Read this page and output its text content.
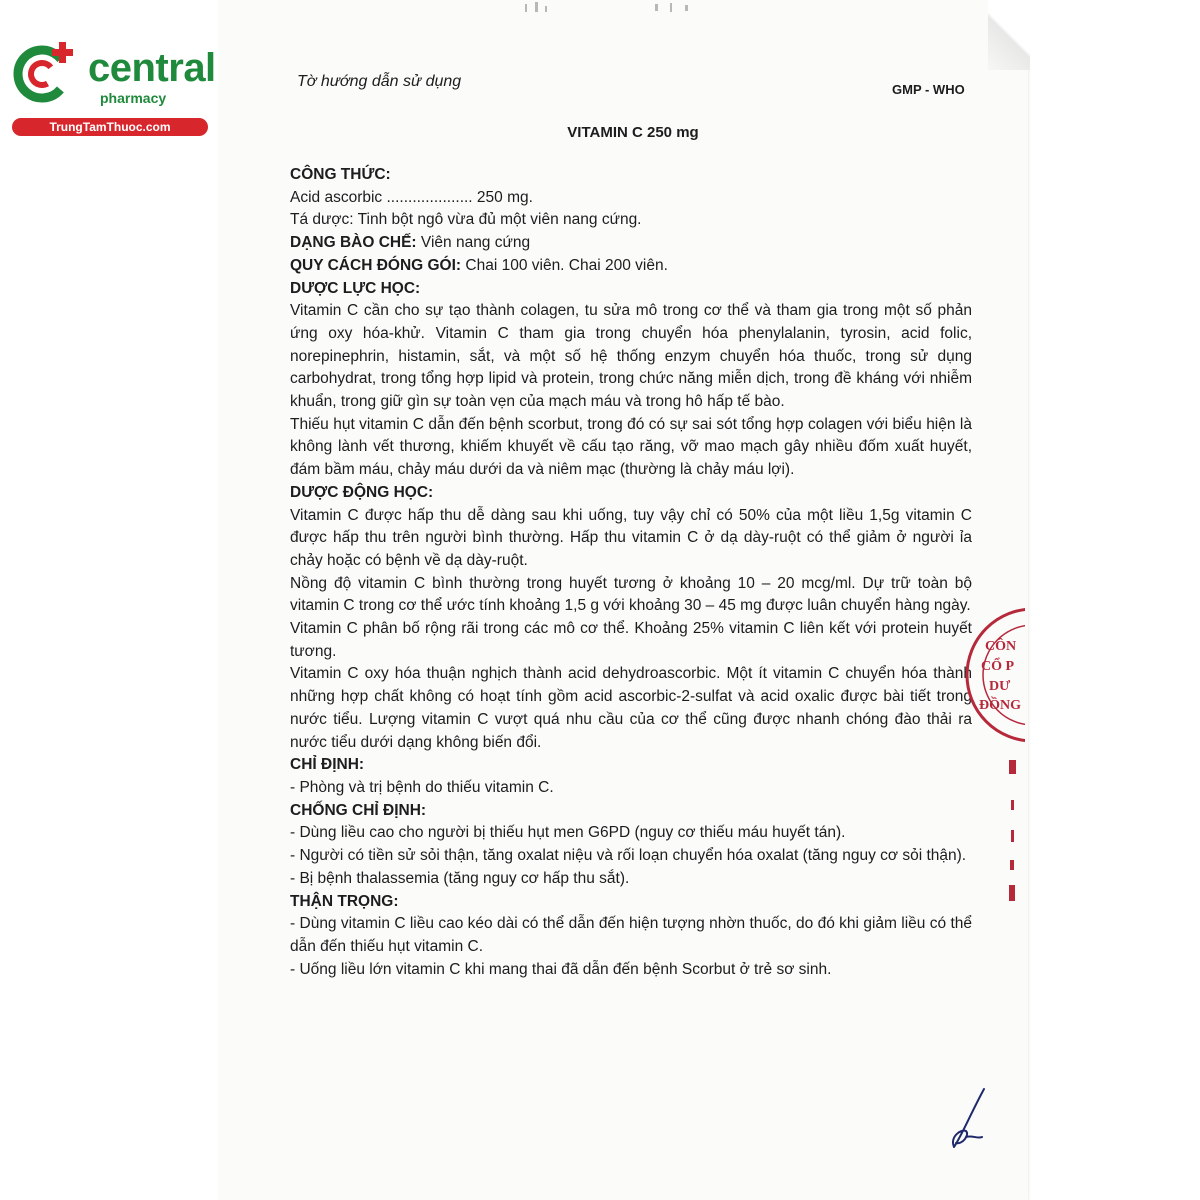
central
pharmacy
TrungTamThuoc.com
Tờ hướng dẫn sử dụng	GMP - WHO
VITAMIN C 250 mg

CÔNG THỨC:

Acid ascorbic .................... 250 mg.

Tá dược: Tinh bột ngô vừa đủ một viên nang cứng.

DẠNG BÀO CHẾ: Viên nang cứng

QUY CÁCH ĐÓNG GÓI: Chai 100 viên. Chai 200 viên.

DƯỢC LỰC HỌC:

Vitamin C cần cho sự tạo thành colagen, tu sửa mô trong cơ thể và tham gia trong một số phản ứng oxy hóa-khử. Vitamin C tham gia trong chuyển hóa phenylalanin, tyrosin, acid folic, norepinephrin, histamin, sắt, và một số hệ thống enzym chuyển hóa thuốc, trong sử dụng carbohydrat, trong tổng hợp lipid và protein, trong chức năng miễn dịch, trong đề kháng với nhiễm khuẩn, trong giữ gìn sự toàn vẹn của mạch máu và trong hô hấp tế bào.

Thiếu hụt vitamin C dẫn đến bệnh scorbut, trong đó có sự sai sót tổng hợp colagen với biểu hiện là không lành vết thương, khiếm khuyết về cấu tạo răng, vỡ mao mạch gây nhiều đốm xuất huyết, đám bầm máu, chảy máu dưới da và niêm mạc (thường là chảy máu lợi).

DƯỢC ĐỘNG HỌC:

Vitamin C được hấp thu dễ dàng sau khi uống, tuy vậy chỉ có 50% của một liều 1,5g vitamin C được hấp thu trên người bình thường. Hấp thu vitamin C ở dạ dày-ruột có thể giảm ở người ỉa chảy hoặc có bệnh về dạ dày-ruột.

Nồng độ vitamin C bình thường trong huyết tương ở khoảng 10 – 20 mcg/ml. Dự trữ toàn bộ vitamin C trong cơ thể ước tính khoảng 1,5 g với khoảng 30 – 45 mg được luân chuyển hàng ngày.

Vitamin C phân bố rộng rãi trong các mô cơ thể. Khoảng 25% vitamin C liên kết với protein huyết tương.

Vitamin C oxy hóa thuận nghịch thành acid dehydroascorbic. Một ít vitamin C chuyển hóa thành những hợp chất không có hoạt tính gồm acid ascorbic-2-sulfat và acid oxalic được bài tiết trong nước tiểu. Lượng vitamin C vượt quá nhu cầu của cơ thể cũng được nhanh chóng đào thải ra nước tiểu dưới dạng không biến đổi.

CHỈ ĐỊNH:

- Phòng và trị bệnh do thiếu vitamin C.

CHỐNG CHỈ ĐỊNH:

- Dùng liều cao cho người bị thiếu hụt men G6PD (nguy cơ thiếu máu huyết tán).

- Người có tiền sử sỏi thận, tăng oxalat niệu và rối loạn chuyển hóa oxalat (tăng nguy cơ sỏi thận).

- Bị bệnh thalassemia (tăng nguy cơ hấp thu sắt).

THẬN TRỌNG:

- Dùng vitamin C liều cao kéo dài có thể dẫn đến hiện tượng nhờn thuốc, do đó khi giảm liều có thể dẫn đến thiếu hụt vitamin C.

- Uống liều lớn vitamin C khi mang thai đã dẫn đến bệnh Scorbut ở trẻ sơ sinh.

CÔN
CỔ P
DƯ
ĐỒNG
